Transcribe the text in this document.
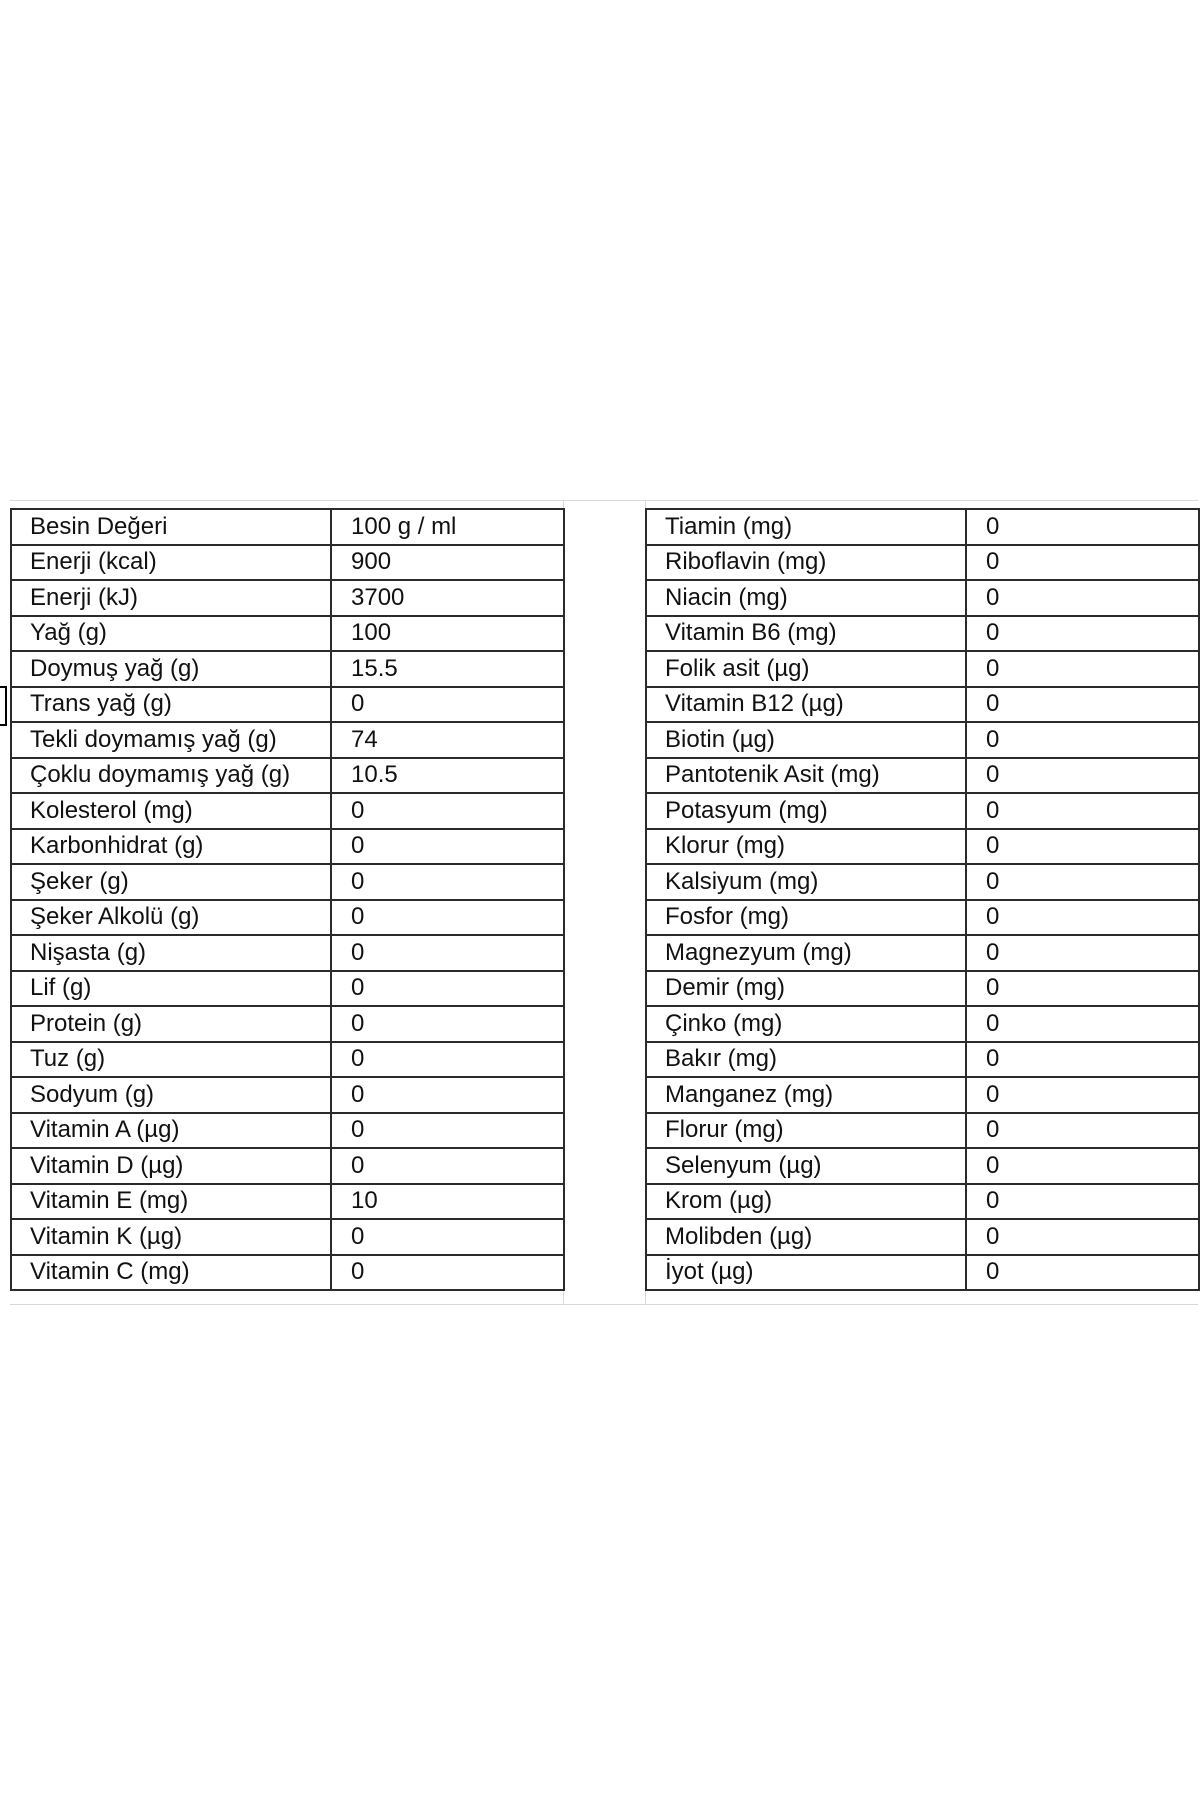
Besin Değeri	100 g / ml
Enerji (kcal)	900
Enerji (kJ)	3700
Yağ (g)	100
Doymuş yağ (g)	15.5
Trans yağ (g)	0
Tekli doymamış yağ (g)	74
Çoklu doymamış yağ (g)	10.5
Kolesterol (mg)	0
Karbonhidrat (g)	0
Şeker (g)	0
Şeker Alkolü (g)	0
Nişasta (g)	0
Lif (g)	0
Protein (g)	0
Tuz (g)	0
Sodyum (g)	0
Vitamin A (µg)	0
Vitamin D (µg)	0
Vitamin E (mg)	10
Vitamin K (µg)	0
Vitamin C (mg)	0
Tiamin (mg)	0
Riboflavin (mg)	0
Niacin (mg)	0
Vitamin B6 (mg)	0
Folik asit (µg)	0
Vitamin B12 (µg)	0
Biotin (µg)	0
Pantotenik Asit (mg)	0
Potasyum (mg)	0
Klorur (mg)	0
Kalsiyum (mg)	0
Fosfor (mg)	0
Magnezyum (mg)	0
Demir (mg)	0
Çinko (mg)	0
Bakır (mg)	0
Manganez (mg)	0
Florur (mg)	0
Selenyum (µg)	0
Krom (µg)	0
Molibden (µg)	0
İyot (µg)	0
